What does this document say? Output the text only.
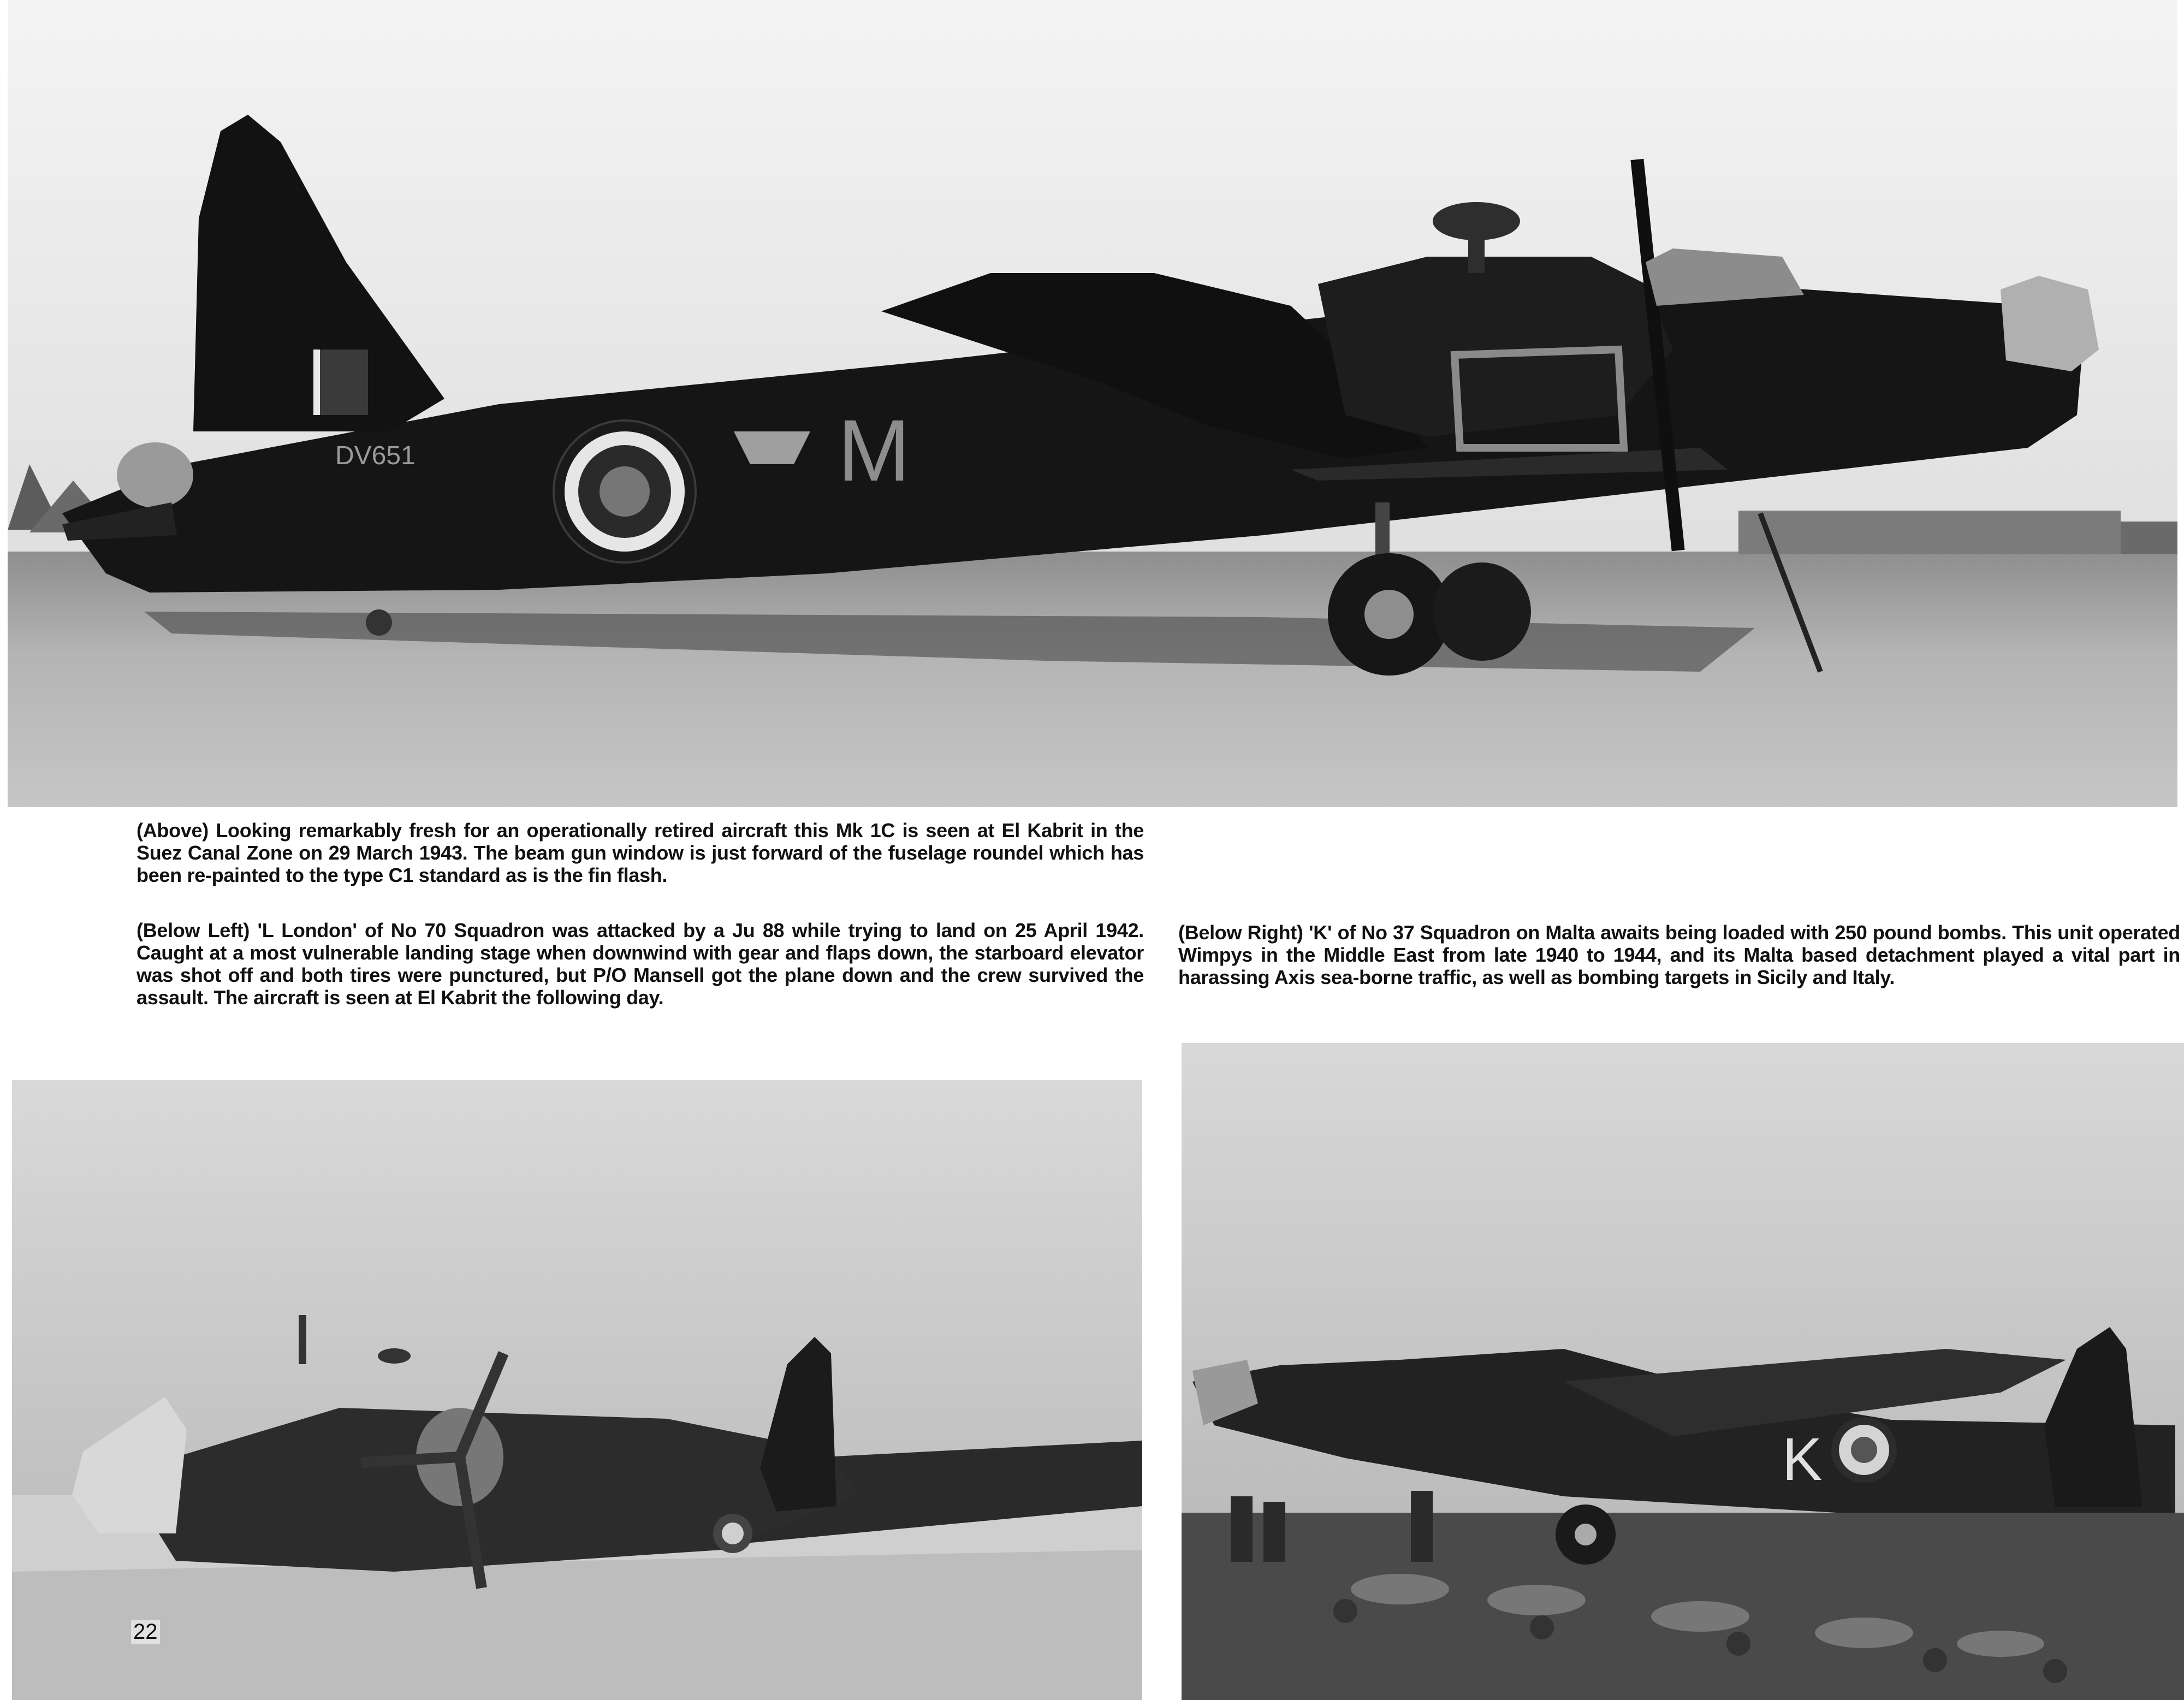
DV651	M

(Above) Looking remarkably fresh for an operationally retired aircraft this Mk 1C is seen at El Kabrit in the Suez Canal Zone on 29 March 1943. The beam gun window is just forward of the fuselage roundel which has been re-painted to the type C1 standard as is the fin flash.

(Below Left) 'L London' of No 70 Squadron was attacked by a Ju 88 while trying to land on 25 April 1942. Caught at a most vulnerable landing stage when downwind with gear and flaps down, the starboard elevator was shot off and both tires were punctured, but P/O Mansell got the plane down and the crew survived the assault. The aircraft is seen at El Kabrit the following day.

(Below Right) 'K' of No 37 Squadron on Malta awaits being loaded with 250 pound bombs. This unit operated Wimpys in the Middle East from late 1940 to 1944, and its Malta based detachment played a vital part in harassing Axis sea-borne traffic, as well as bombing targets in Sicily and Italy.

K
22
